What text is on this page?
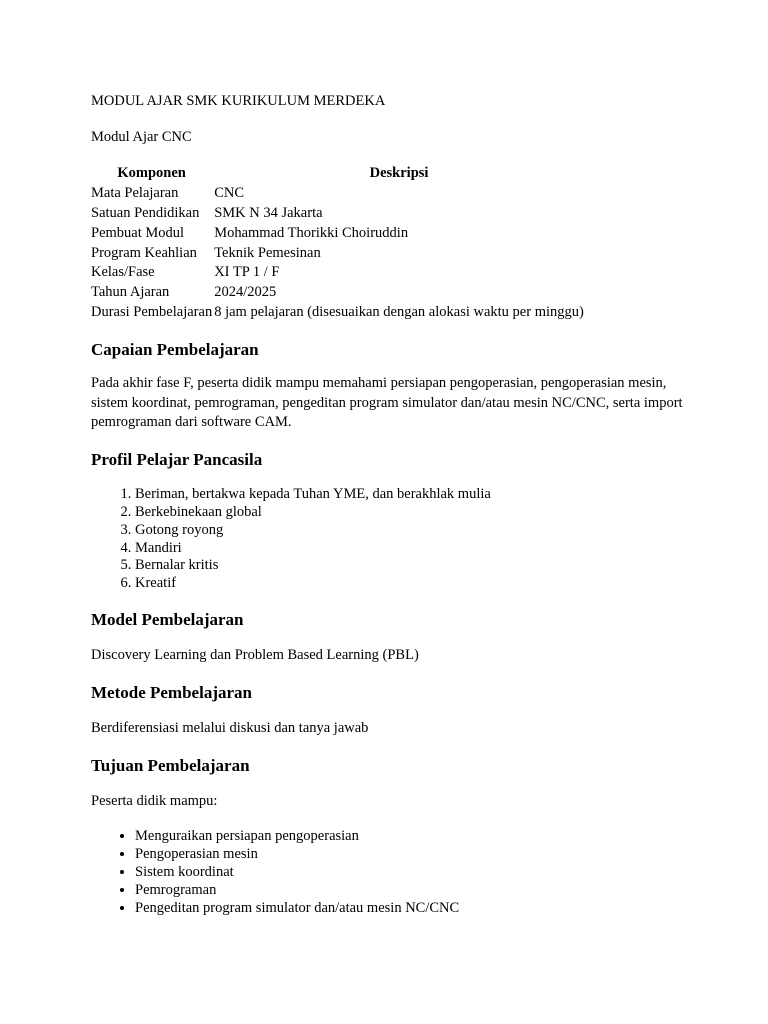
MODUL AJAR SMK KURIKULUM MERDEKA

Modul Ajar CNC

Komponen	Deskripsi
Mata Pelajaran	CNC
Satuan Pendidikan	SMK N 34 Jakarta
Pembuat Modul	Mohammad Thorikki Choiruddin
Program Keahlian	Teknik Pemesinan
Kelas/Fase	XI TP 1 / F
Tahun Ajaran	2024/2025
Durasi Pembelajaran	8 jam pelajaran (disesuaikan dengan alokasi waktu per minggu)
Capaian Pembelajaran

Pada akhir fase F, peserta didik mampu memahami persiapan pengoperasian, pengoperasian mesin, sistem koordinat, pemrograman, pengeditan program simulator dan/atau mesin NC/CNC, serta import pemrograman dari software CAM.

Profil Pelajar Pancasila
1. Beriman, bertakwa kepada Tuhan YME, dan berakhlak mulia
2. Berkebinekaan global
3. Gotong royong
4. Mandiri
5. Bernalar kritis
6. Kreatif
Model Pembelajaran

Discovery Learning dan Problem Based Learning (PBL)

Metode Pembelajaran

Berdiferensiasi melalui diskusi dan tanya jawab

Tujuan Pembelajaran

Peserta didik mampu:

• Menguraikan persiapan pengoperasian
• Pengoperasian mesin
• Sistem koordinat
• Pemrograman
• Pengeditan program simulator dan/atau mesin NC/CNC
